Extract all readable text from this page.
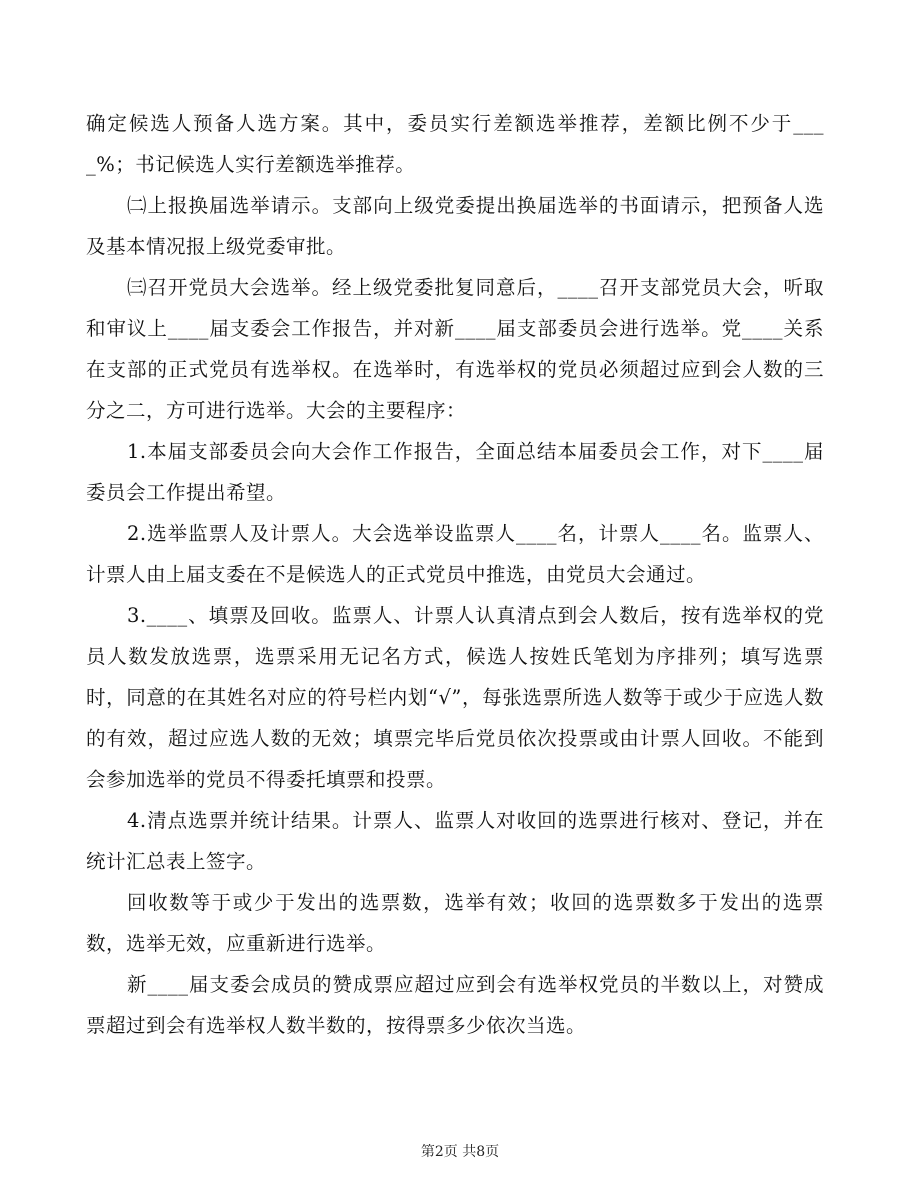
确定候选人预备人选方案。其中，委员实行差额选举推荐，差额比例不少于____%；书记候选人实行差额选举推荐。

㈡上报换届选举请示。支部向上级党委提出换届选举的书面请示，把预备人选及基本情况报上级党委审批。

㈢召开党员大会选举。经上级党委批复同意后，____召开支部党员大会，听取和审议上____届支委会工作报告，并对新____届支部委员会进行选举。党____关系在支部的正式党员有选举权。在选举时，有选举权的党员必须超过应到会人数的三分之二，方可进行选举。大会的主要程序：

1.本届支部委员会向大会作工作报告，全面总结本届委员会工作，对下____届委员会工作提出希望。

2.选举监票人及计票人。大会选举设监票人____名，计票人____名。监票人、计票人由上届支委在不是候选人的正式党员中推选，由党员大会通过。

3.____、填票及回收。监票人、计票人认真清点到会人数后，按有选举权的党员人数发放选票，选票采用无记名方式，候选人按姓氏笔划为序排列；填写选票时，同意的在其姓名对应的符号栏内划“√”，每张选票所选人数等于或少于应选人数的有效，超过应选人数的无效；填票完毕后党员依次投票或由计票人回收。不能到会参加选举的党员不得委托填票和投票。

4.清点选票并统计结果。计票人、监票人对收回的选票进行核对、登记，并在统计汇总表上签字。

回收数等于或少于发出的选票数，选举有效；收回的选票数多于发出的选票数，选举无效，应重新进行选举。

新____届支委会成员的赞成票应超过应到会有选举权党员的半数以上，对赞成票超过到会有选举权人数半数的，按得票多少依次当选。

第2页 共8页
